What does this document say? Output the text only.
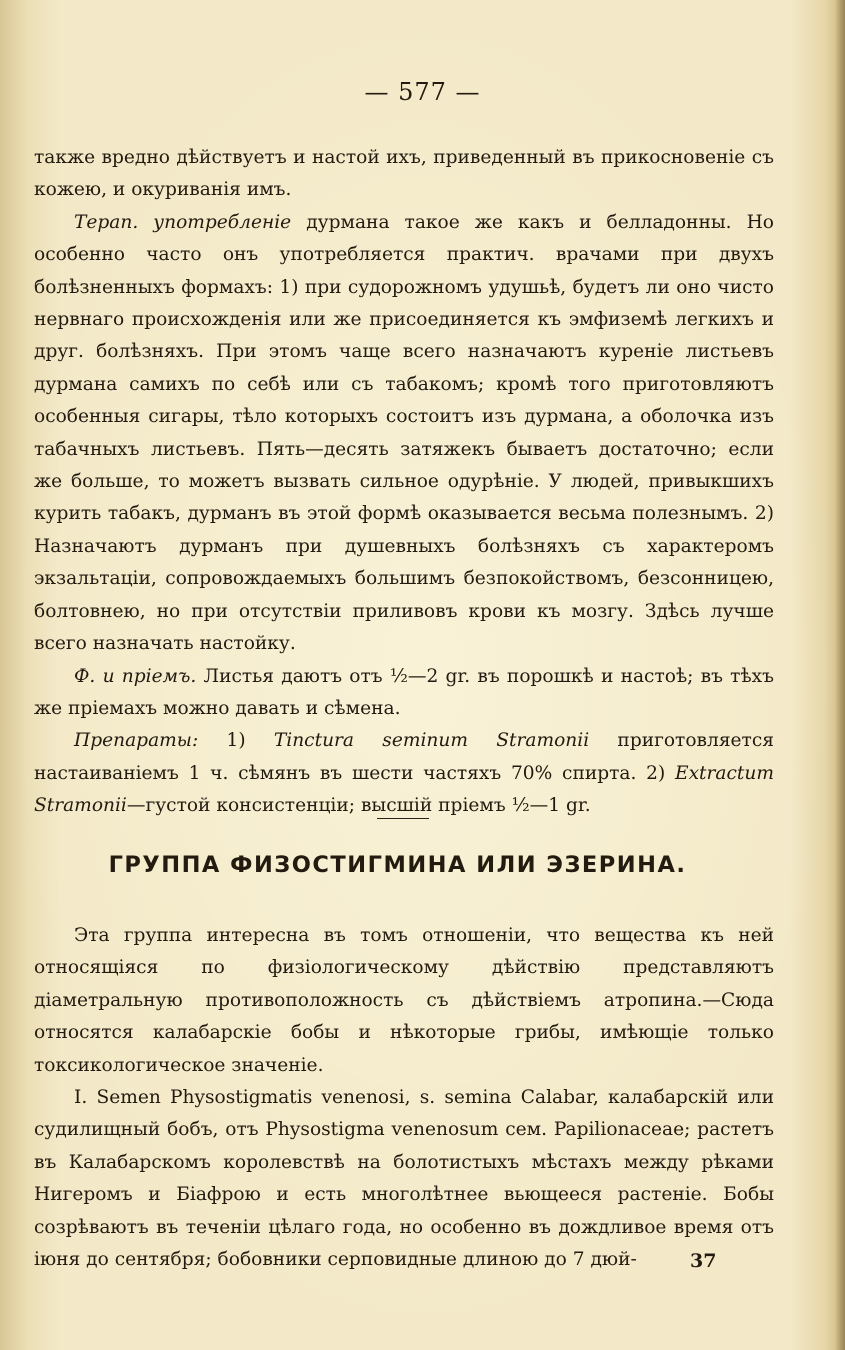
— 577 —

также вредно дѣйствуетъ и настой ихъ, приведенный въ прикосновеніе съ кожею, и окуриванія имъ.

Терап. употребленіе дурмана такое же какъ и белладонны. Но особенно часто онъ употребляется практич. врачами при двухъ болѣзненныхъ формахъ: 1) при судорожномъ удушьѣ, будетъ ли оно чисто нервнаго происхожденія или же присоединяется къ эмфиземѣ легкихъ и друг. болѣзняхъ. При этомъ чаще всего назначаютъ куреніе листьевъ дурмана самихъ по себѣ или съ табакомъ; кромѣ того приготовляютъ особенныя сигары, тѣло которыхъ состоитъ изъ дурмана, а оболочка изъ табачныхъ листьевъ. Пять—десять затяжекъ бываетъ достаточно; если же больше, то можетъ вызвать сильное одурѣніе. У людей, привыкшихъ курить табакъ, дурманъ въ этой формѣ оказывается весьма полезнымъ. 2) Назначаютъ дурманъ при душевныхъ болѣзняхъ съ характеромъ экзальтаціи, сопровождаемыхъ большимъ безпокойствомъ, безсонницею, болтовнею, но при отсутствіи приливовъ крови къ мозгу. Здѣсь лучше всего назначать настойку.

Ф. и пріемъ. Листья даютъ отъ ½—2 gr. въ порошкѣ и настоѣ; въ тѣхъ же пріемахъ можно давать и сѣмена.

Препараты: 1) Tinctura seminum Stramonii приготовляется настаиваніемъ 1 ч. сѣмянъ въ шести частяхъ 70% спирта. 2) Extractum Stramonii—густой консистенціи; высшій пріемъ ½—1 gr.

ГРУППА ФИЗОСТИГМИНА ИЛИ ЭЗЕРИНА.

Эта группа интересна въ томъ отношеніи, что вещества къ ней относящіяся по физіологическому дѣйствію представляютъ діаметральную противоположность съ дѣйствіемъ атропина.—Сюда относятся калабарскіе бобы и нѣкоторые грибы, имѣющіе только токсикологическое значеніе.

I. Semen Physostigmatis venenosi, s. semina Calabar, калабарскій или судилищный бобъ, отъ Physostigma venenosum сем. Papilionaceae; растетъ въ Калабарскомъ королевствѣ на болотистыхъ мѣстахъ между рѣками Нигеромъ и Біафрою и есть многолѣтнее вьющееся растеніе. Бобы созрѣваютъ въ теченіи цѣлаго года, но особенно въ дождливое время отъ іюня до сентября; бобовники серповидные длиною до 7 дюй-	37
